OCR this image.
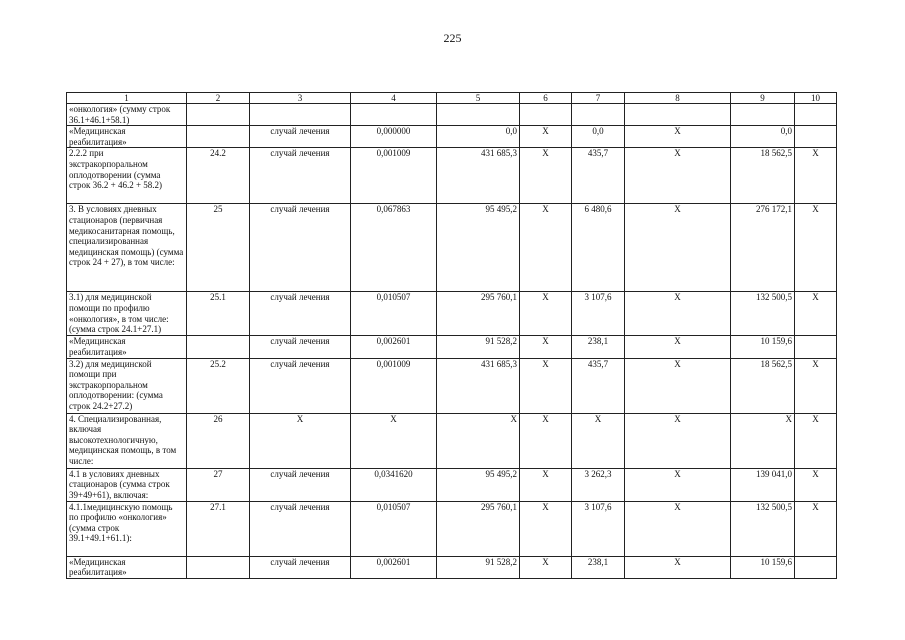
225
1	2	3	4	5	6	7	8	9	10
«онкология» (сумму строк 36.1+46.1+58.1)									
«Медицинская реабилитация»		случай лечения	0,000000	0,0	X	0,0	X	0,0	
2.2.2 при экстракорпоральном оплодотворении (сумма строк 36.2 + 46.2 + 58.2)	24.2	случай лечения	0,001009	431 685,3	X	435,7	X	18 562,5	X
3. В условиях дневных стационаров (первичная медикосанитарная помощь, специализированная медицинская помощь) (сумма строк 24 + 27), в том числе:	25	случай лечения	0,067863	95 495,2	X	6 480,6	X	276 172,1	X
3.1) для медицинской помощи по профилю «онкология», в том числе: (сумма строк 24.1+27.1)	25.1	случай лечения	0,010507	295 760,1	X	3 107,6	X	132 500,5	X
«Медицинская реабилитация»		случай лечения	0,002601	91 528,2	X	238,1	X	10 159,6	
3.2) для медицинской помощи при экстракорпоральном оплодотворении: (сумма строк 24.2+27.2)	25.2	случай лечения	0,001009	431 685,3	X	435,7	X	18 562,5	X
4. Специализированная, включая высокотехнологичную, медицинская помощь, в том числе:	26	X	X	X	X	X	X	X	X
4.1 в условиях дневных стационаров (сумма строк 39+49+61), включая:	27	случай лечения	0,0341620	95 495,2	X	3 262,3	X	139 041,0	X
4.1.1медицинскую помощь по профилю «онкология» (сумма строк 39.1+49.1+61.1):	27.1	случай лечения	0,010507	295 760,1	X	3 107,6	X	132 500,5	X
«Медицинская реабилитация»		случай лечения	0,002601	91 528,2	X	238,1	X	10 159,6	
